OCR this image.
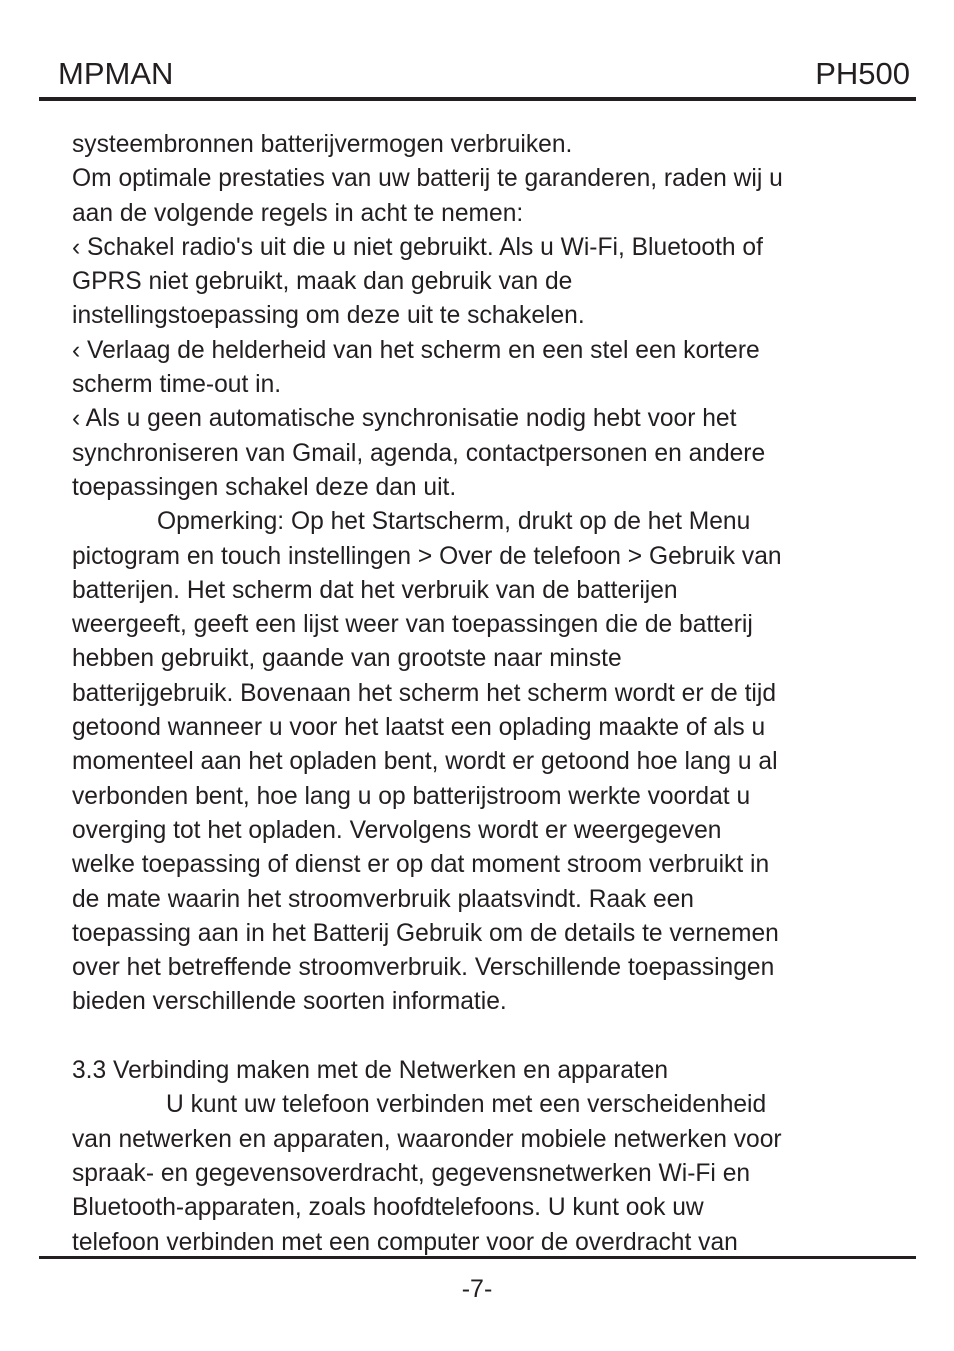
MPMAN	PH500
systeembronnen batterijvermogen verbruiken.
Om optimale prestaties van uw batterij te garanderen, raden wij u
aan de volgende regels in acht te nemen:
‹ Schakel radio's uit die u niet gebruikt. Als u Wi-Fi, Bluetooth of
GPRS niet gebruikt, maak dan gebruik van de
instellingstoepassing om deze uit te schakelen.
‹ Verlaag de helderheid van het scherm en een stel een kortere
scherm time-out in.
‹ Als u geen automatische synchronisatie nodig hebt voor het
synchroniseren van Gmail, agenda, contactpersonen en andere
toepassingen schakel deze dan uit.
Opmerking: Op het Startscherm, drukt op de het Menu
pictogram en touch instellingen > Over de telefoon > Gebruik van
batterijen. Het scherm dat het verbruik van de batterijen
weergeeft, geeft een lijst weer van toepassingen die de batterij
hebben gebruikt, gaande van grootste naar minste
batterijgebruik. Bovenaan het scherm het scherm wordt er de tijd
getoond wanneer u voor het laatst een oplading maakte of als u
momenteel aan het opladen bent, wordt er getoond hoe lang u al
verbonden bent, hoe lang u op batterijstroom werkte voordat u
overging tot het opladen. Vervolgens wordt er weergegeven
welke toepassing of dienst er op dat moment stroom verbruikt in
de mate waarin het stroomverbruik plaatsvindt. Raak een
toepassing aan in het Batterij Gebruik om de details te vernemen
over het betreffende stroomverbruik. Verschillende toepassingen
bieden verschillende soorten informatie.
3.3 Verbinding maken met de Netwerken en apparaten
U kunt uw telefoon verbinden met een verscheidenheid
van netwerken en apparaten, waaronder mobiele netwerken voor
spraak- en gegevensoverdracht, gegevensnetwerken Wi-Fi en
Bluetooth-apparaten, zoals hoofdtelefoons. U kunt ook uw
telefoon verbinden met een computer voor de overdracht van
-7-
